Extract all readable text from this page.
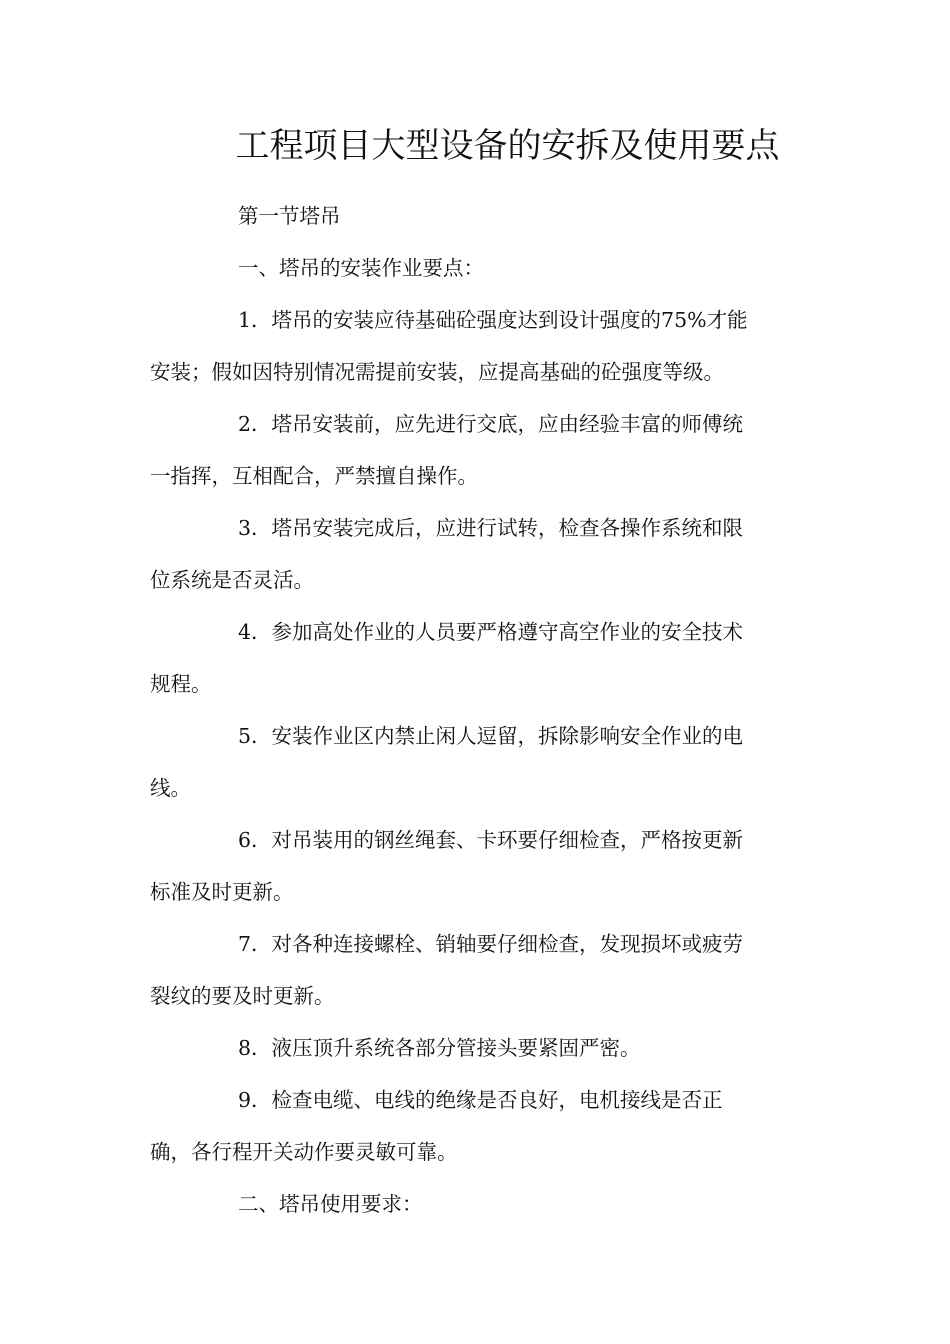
工程项目大型设备的安拆及使用要点

第一节塔吊

一、塔吊的安装作业要点：

1．塔吊的安装应待基础砼强度达到设计强度的75%才能
安装；假如因特别情况需提前安装，应提高基础的砼强度等级。

2．塔吊安装前，应先进行交底，应由经验丰富的师傅统
一指挥，互相配合，严禁擅自操作。

3．塔吊安装完成后，应进行试转，检查各操作系统和限
位系统是否灵活。

4．参加高处作业的人员要严格遵守高空作业的安全技术
规程。

5．安装作业区内禁止闲人逗留，拆除影响安全作业的电
线。

6．对吊装用的钢丝绳套、卡环要仔细检查，严格按更新
标准及时更新。

7．对各种连接螺栓、销轴要仔细检查，发现损坏或疲劳
裂纹的要及时更新。

8．液压顶升系统各部分管接头要紧固严密。

9．检查电缆、电线的绝缘是否良好，电机接线是否正
确，各行程开关动作要灵敏可靠。

二、塔吊使用要求：
